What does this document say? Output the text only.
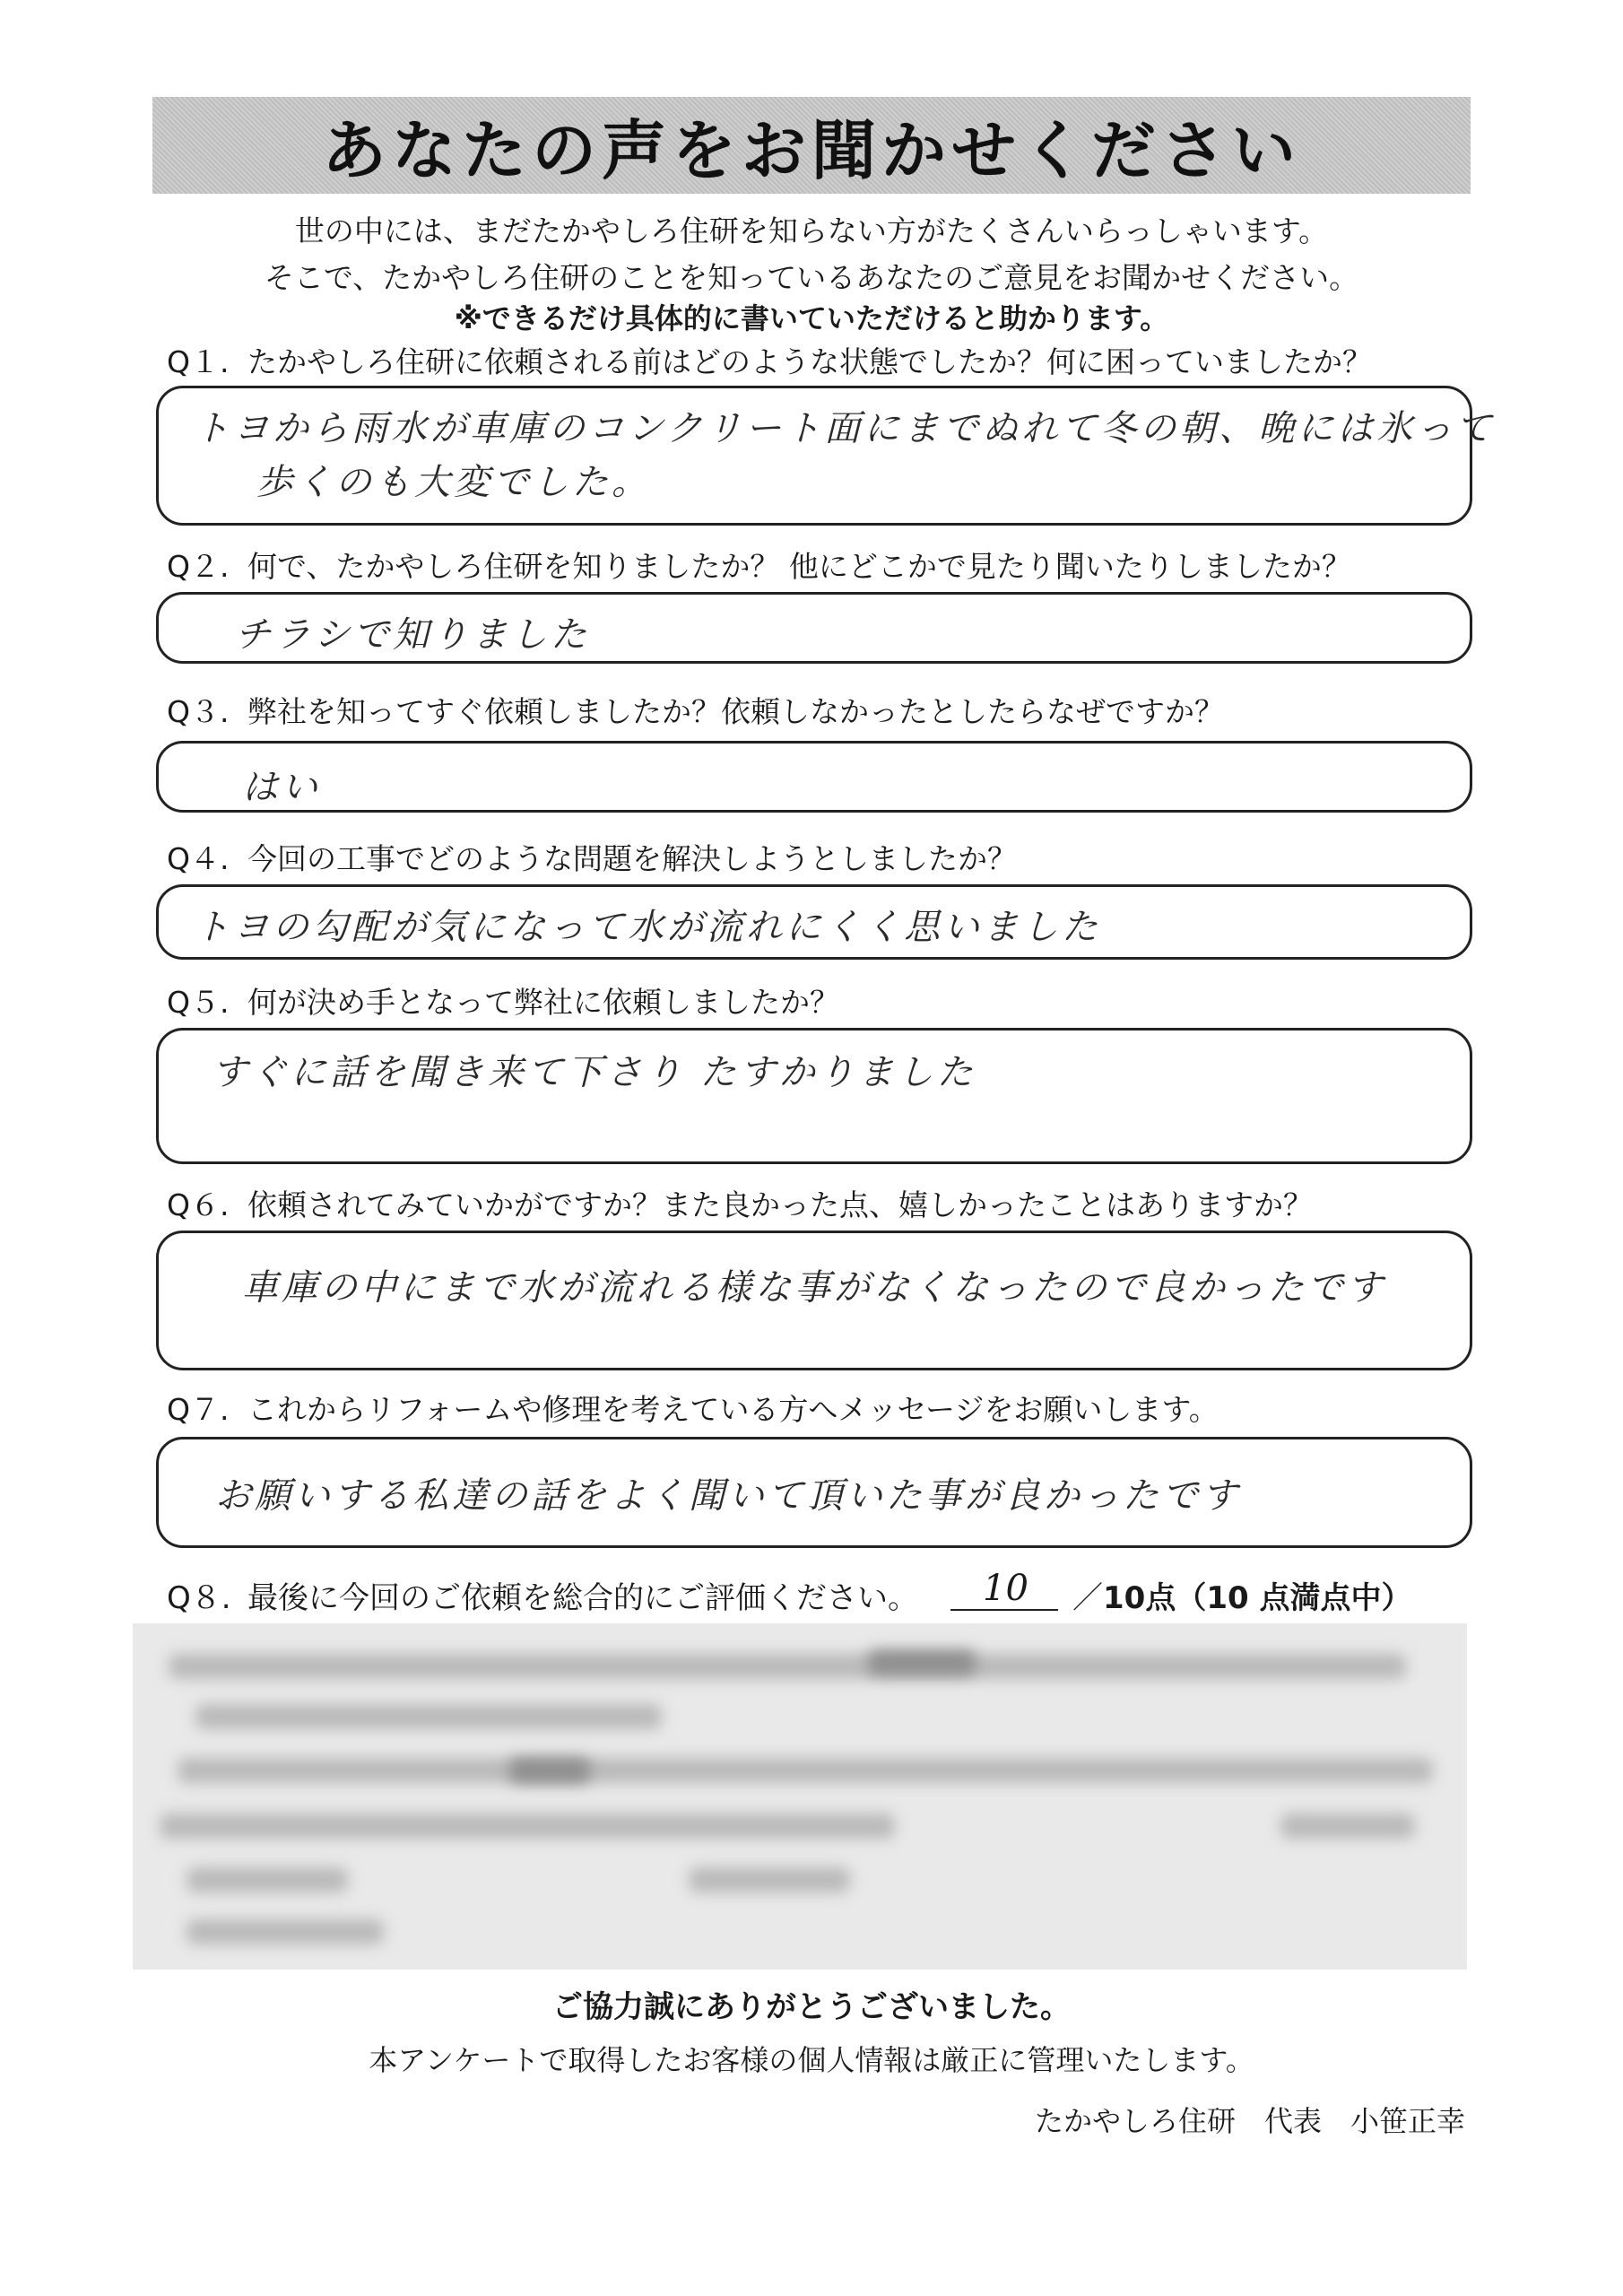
あなたの声をお聞かせください
世の中には、まだたかやしろ住研を知らない方がたくさんいらっしゃいます。
そこで、たかやしろ住研のことを知っているあなたのご意見をお聞かせください。
※できるだけ具体的に書いていただけると助かります。
Q１. たかやしろ住研に依頼される前はどのような状態でしたか？何に困っていましたか？
トヨから雨水が車庫のコンクリート面にまでぬれて冬の朝、晩には氷って
歩くのも大変でした。
Q２. 何で、たかやしろ住研を知りましたか？ 他にどこかで見たり聞いたりしましたか？
チラシで知りました
Q３. 弊社を知ってすぐ依頼しましたか？依頼しなかったとしたらなぜですか？
はい
Q４. 今回の工事でどのような問題を解決しようとしましたか？
トヨの勾配が気になって水が流れにくく思いました
Q５. 何が決め手となって弊社に依頼しましたか？
すぐに話を聞き来て下さり たすかりました
Q６. 依頼されてみていかがですか？また良かった点、嬉しかったことはありますか？
車庫の中にまで水が流れる様な事がなくなったので良かったです
Q７. これからリフォームや修理を考えている方へメッセージをお願いします。
お願いする私達の話をよく聞いて頂いた事が良かったです
Q８. 最後に今回のご依頼を総合的にご評価ください。 10 ／10点（10 点満点中）
ご協力誠にありがとうございました。
本アンケートで取得したお客様の個人情報は厳正に管理いたします。
たかやしろ住研　代表　小笹正幸
